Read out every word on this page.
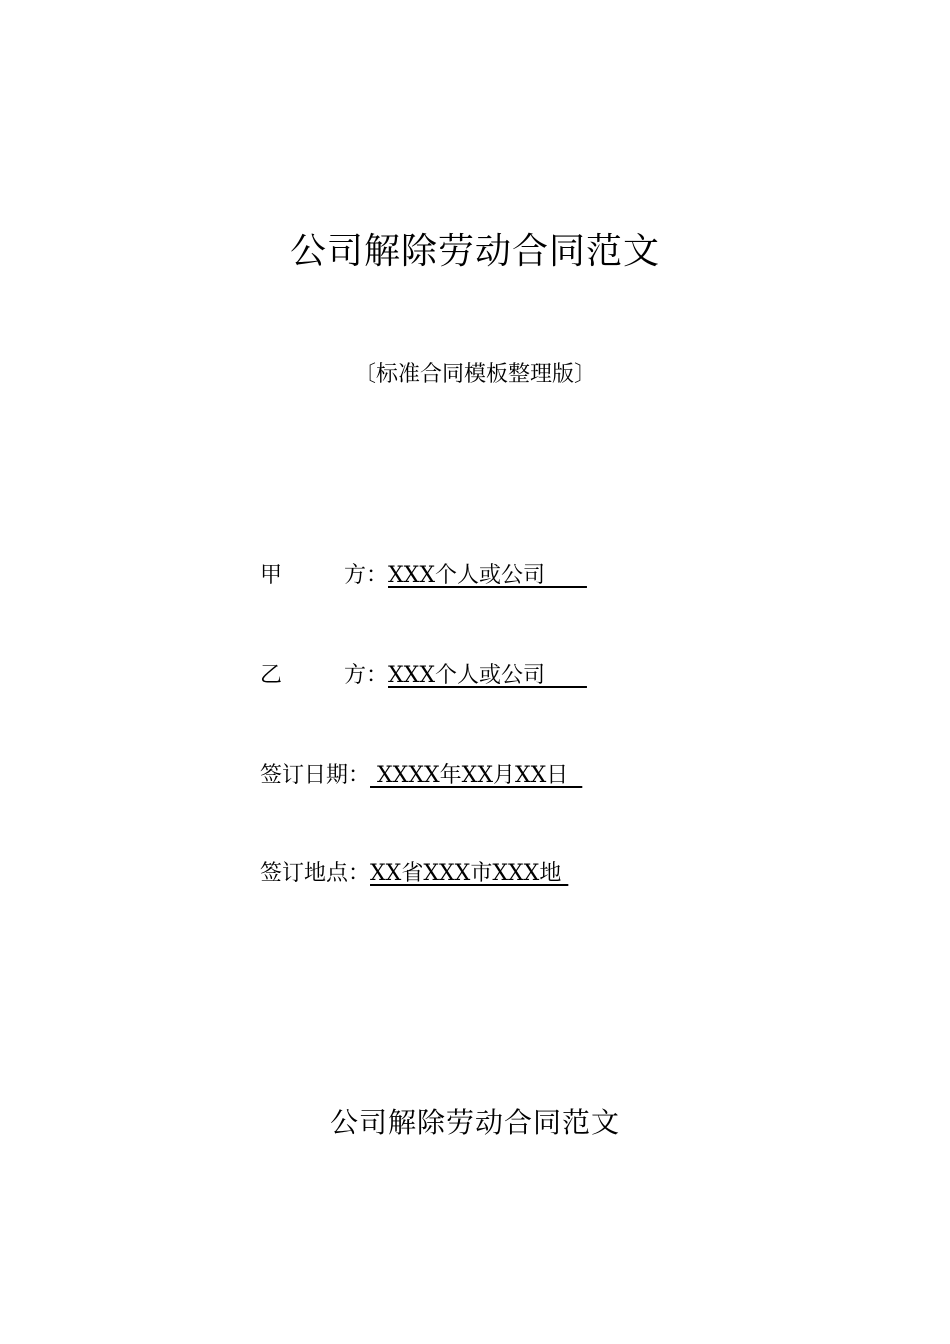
公司解除劳动合同范文
〔标准合同模板整理版〕
甲	方： XXX个人或公司
乙	方： XXX个人或公司
签订日期： XXXX年XX月XX日
签订地点：XX省XXX市XXX地
公司解除劳动合同范文
